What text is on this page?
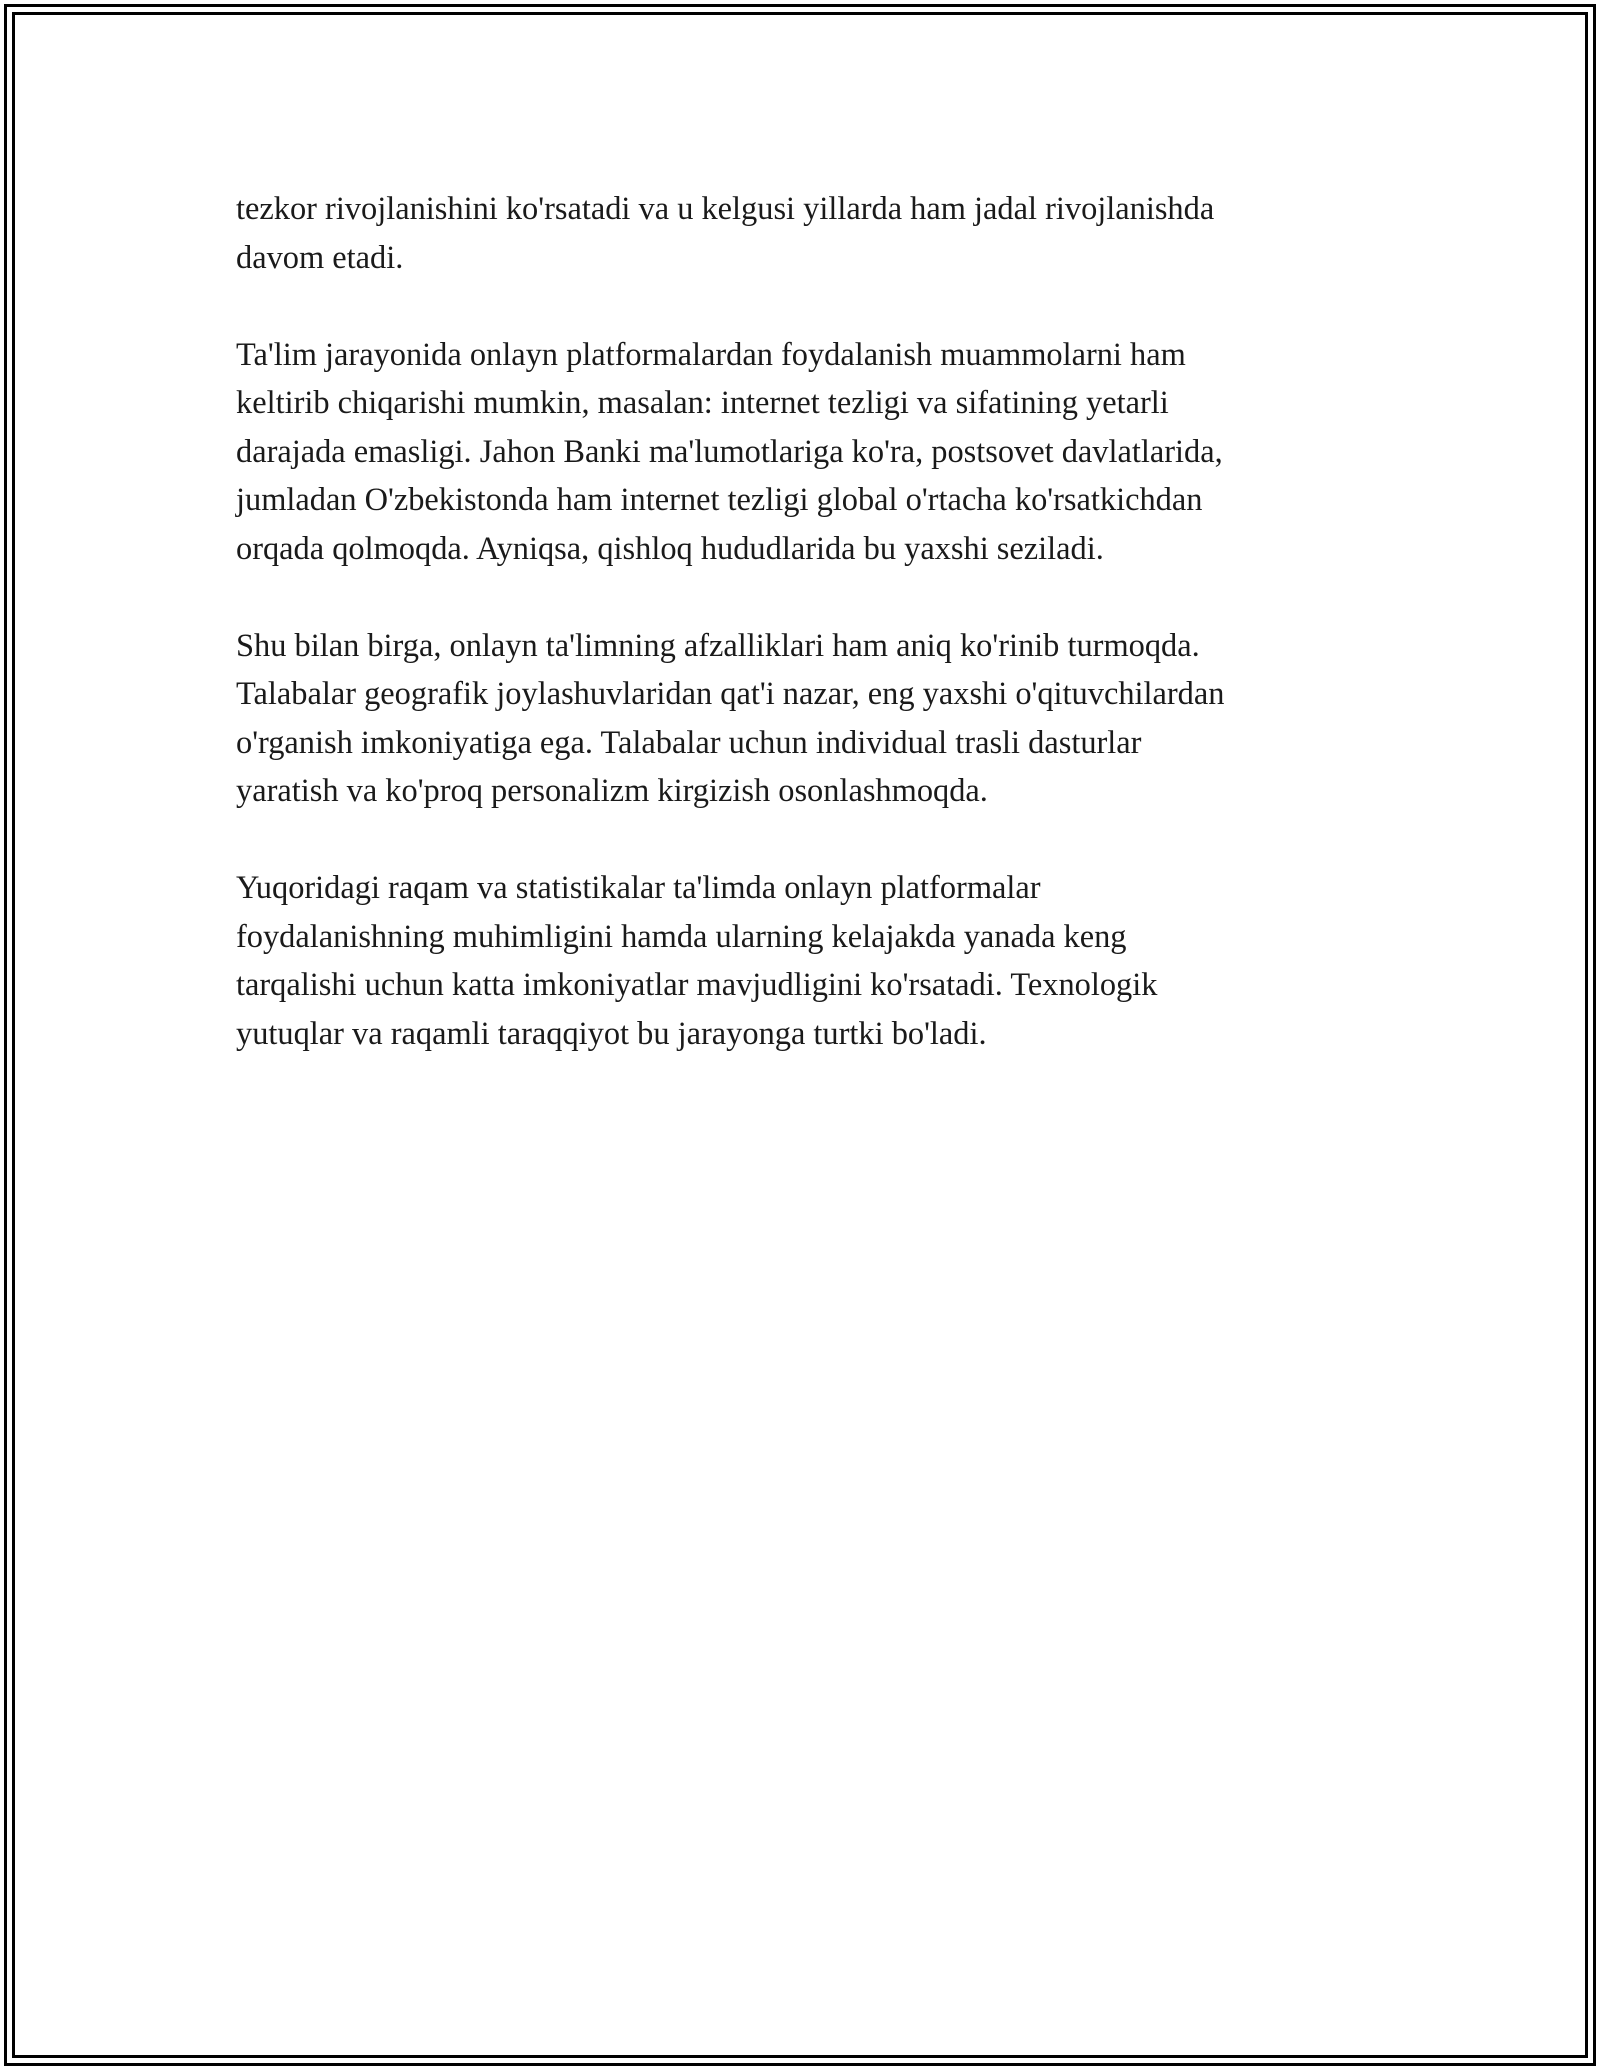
tezkor rivojlanishini ko'rsatadi va u kelgusi yillarda ham jadal rivojlanishda
davom etadi.

Ta'lim jarayonida onlayn platformalardan foydalanish muammolarni ham
keltirib chiqarishi mumkin, masalan: internet tezligi va sifatining yetarli
darajada emasligi. Jahon Banki ma'lumotlariga ko'ra, postsovet davlatlarida,
jumladan O'zbekistonda ham internet tezligi global o'rtacha ko'rsatkichdan
orqada qolmoqda. Ayniqsa, qishloq hududlarida bu yaxshi seziladi.

Shu bilan birga, onlayn ta'limning afzalliklari ham aniq ko'rinib turmoqda.
Talabalar geografik joylashuvlaridan qat'i nazar, eng yaxshi o'qituvchilardan
o'rganish imkoniyatiga ega. Talabalar uchun individual trasli dasturlar
yaratish va ko'proq personalizm kirgizish osonlashmoqda.

Yuqoridagi raqam va statistikalar ta'limda onlayn platformalar
foydalanishning muhimligini hamda ularning kelajakda yanada keng
tarqalishi uchun katta imkoniyatlar mavjudligini ko'rsatadi. Texnologik
yutuqlar va raqamli taraqqiyot bu jarayonga turtki bo'ladi.
